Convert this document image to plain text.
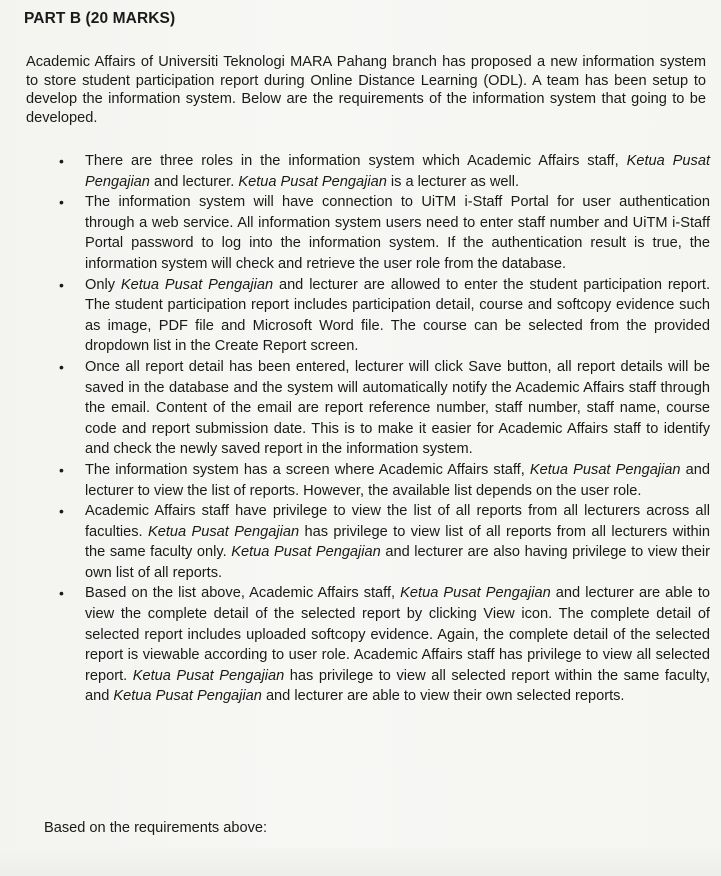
PART B (20 MARKS)
Academic Affairs of Universiti Teknologi MARA Pahang branch has proposed a new information system to store student participation report during Online Distance Learning (ODL). A team has been setup to develop the information system. Below are the requirements of the information system that going to be developed.
• There are three roles in the information system which Academic Affairs staff, Ketua Pusat Pengajian and lecturer. Ketua Pusat Pengajian is a lecturer as well.
• The information system will have connection to UiTM i-Staff Portal for user authentication through a web service. All information system users need to enter staff number and UiTM i-Staff Portal password to log into the information system. If the authentication result is true, the information system will check and retrieve the user role from the database.
• Only Ketua Pusat Pengajian and lecturer are allowed to enter the student participation report. The student participation report includes participation detail, course and softcopy evidence such as image, PDF file and Microsoft Word file. The course can be selected from the provided dropdown list in the Create Report screen.
• Once all report detail has been entered, lecturer will click Save button, all report details will be saved in the database and the system will automatically notify the Academic Affairs staff through the email. Content of the email are report reference number, staff number, staff name, course code and report submission date. This is to make it easier for Academic Affairs staff to identify and check the newly saved report in the information system.
• The information system has a screen where Academic Affairs staff, Ketua Pusat Pengajian and lecturer to view the list of reports. However, the available list depends on the user role.
• Academic Affairs staff have privilege to view the list of all reports from all lecturers across all faculties. Ketua Pusat Pengajian has privilege to view list of all reports from all lecturers within the same faculty only. Ketua Pusat Pengajian and lecturer are also having privilege to view their own list of all reports.
• Based on the list above, Academic Affairs staff, Ketua Pusat Pengajian and lecturer are able to view the complete detail of the selected report by clicking View icon. The complete detail of selected report includes uploaded softcopy evidence. Again, the complete detail of the selected report is viewable according to user role. Academic Affairs staff has privilege to view all selected report. Ketua Pusat Pengajian has privilege to view all selected report within the same faculty, and Ketua Pusat Pengajian and lecturer are able to view their own selected reports.
Based on the requirements above:
